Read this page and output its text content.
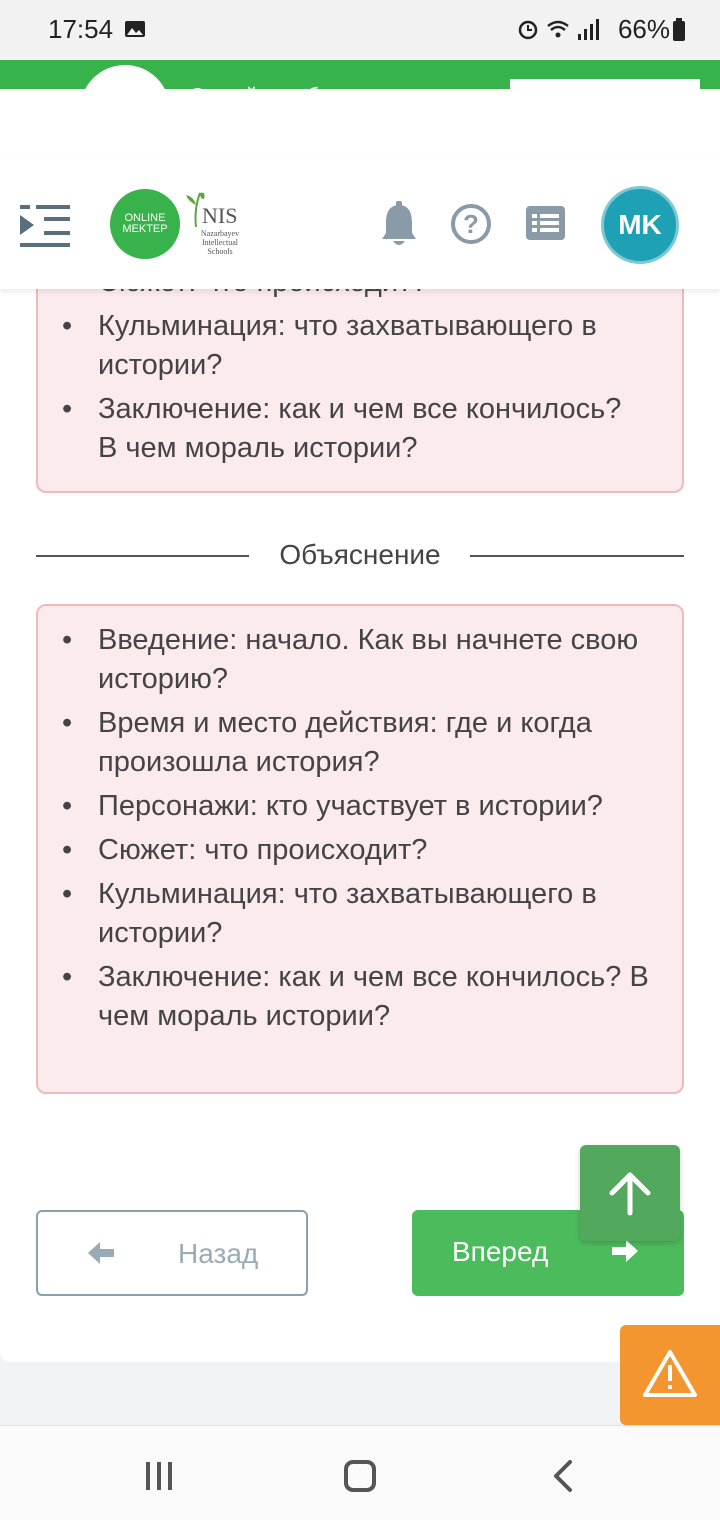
17:54	66%
ONLINE
MEKTEP
NIS
Nazarbayev Intellectual Schools
?	MK
•
• Кульминация: что захватывающего в истории?
• Заключение: как и чем все кончилось? В чем мораль истории?
Объяснение
• Введение: начало. Как вы начнете свою историю?
• Время и место действия: где и когда произошла история?
• Персонажи: кто участвует в истории?
• Сюжет: что происходит?
• Кульминация: что захватывающего в истории?
• Заключение: как и чем все кончилось? В чем мораль истории?
Назад	Вперед
